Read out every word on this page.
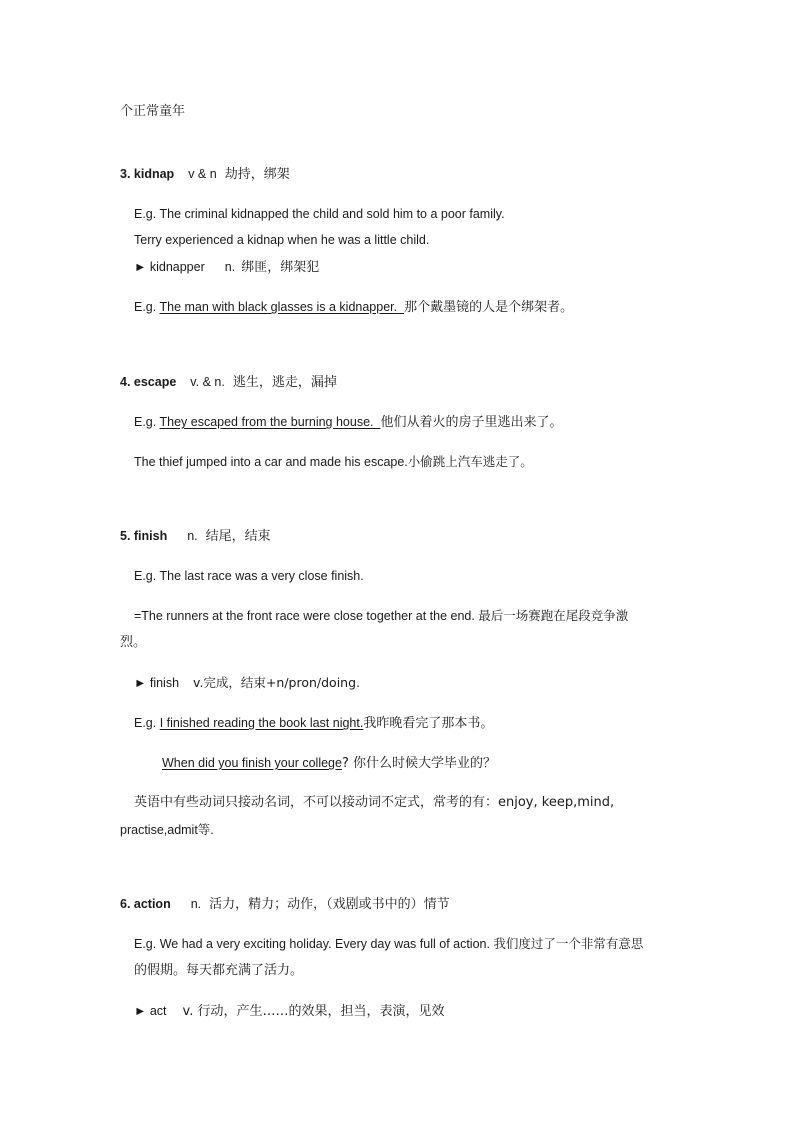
个正常童年
3. kidnap v & n 劫持，绑架
E.g. The criminal kidnapped the child and sold him to a poor family.
Terry experienced a kidnap when he was a little child.
► kidnapper n. 绑匪，绑架犯
E.g. The man with black glasses is a kidnapper. 那个戴墨镜的人是个绑架者。
4. escape v. & n. 逃生，逃走，漏掉
E.g. They escaped from the burning house. 他们从着火的房子里逃出来了。
The thief jumped into a car and made his escape.小偷跳上汽车逃走了。
5. finish n. 结尾，结束
E.g. The last race was a very close finish.
=The runners at the front race were close together at the end. 最后一场赛跑在尾段竞争激
烈。
► finish v.完成，结束+n/pron/doing.
E.g. I finished reading the book last night.我昨晚看完了那本书。
When did you finish your college? 你什么时候大学毕业的？
英语中有些动词只接动名词，不可以接动词不定式，常考的有：enjoy, keep,mind,
practise,admit等.
6. action n. 活力，精力；动作，（戏剧或书中的）情节
E.g. We had a very exciting holiday. Every day was full of action. 我们度过了一个非常有意思
的假期。每天都充满了活力。
► act v. 行动，产生……的效果，担当，表演，见效
